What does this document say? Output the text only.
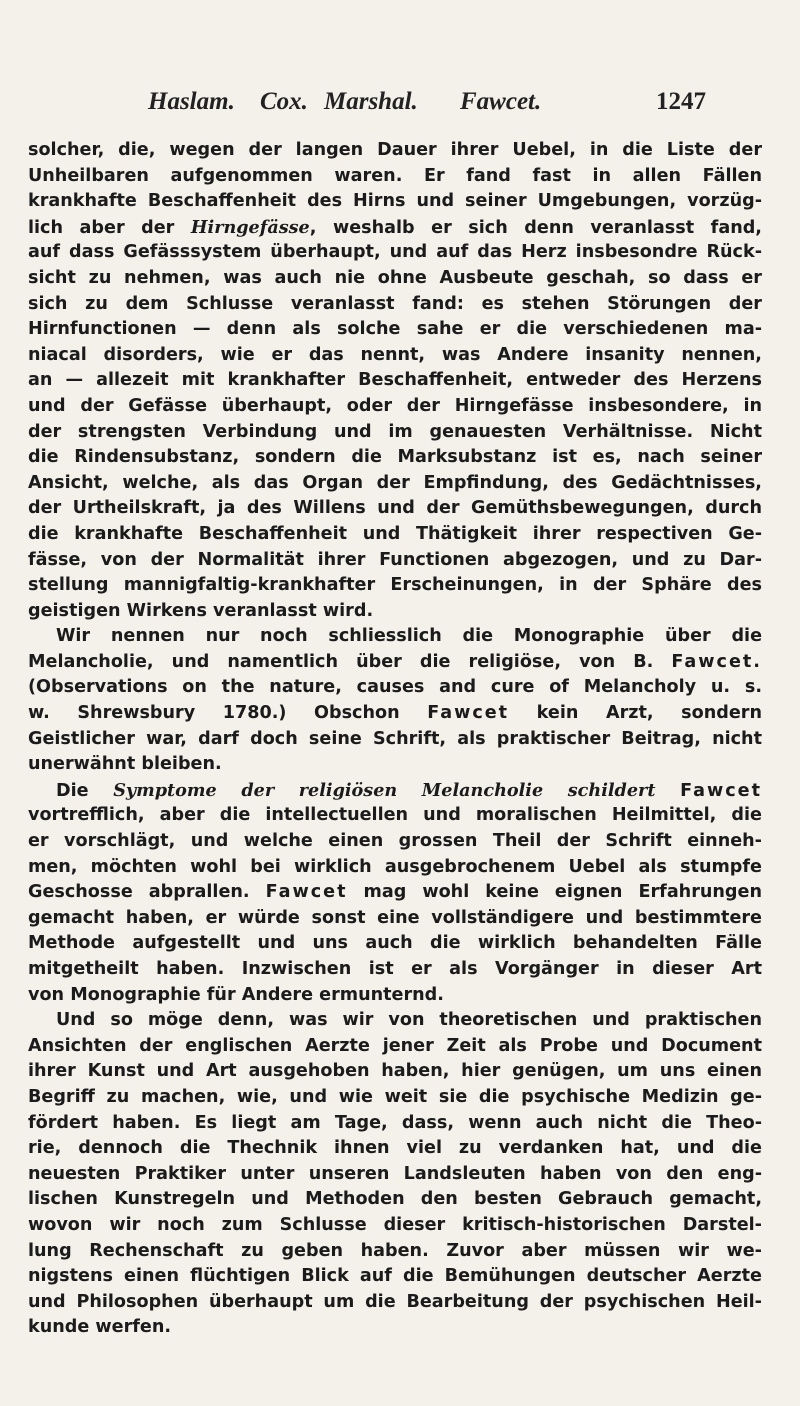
Haslam. Cox. Marshal. Fawcet.	1247
solcher, die, wegen der langen Dauer ihrer Uebel, in die Liste der
Unheilbaren aufgenommen waren. Er fand fast in allen Fällen
krankhafte Beschaffenheit des Hirns und seiner Umgebungen, vorzüg-
lich aber der Hirngefässe, weshalb er sich denn veranlasst fand,
auf dass Gefässsystem überhaupt, und auf das Herz insbesondre Rück-
sicht zu nehmen, was auch nie ohne Ausbeute geschah, so dass er
sich zu dem Schlusse veranlasst fand: es stehen Störungen der
Hirnfunctionen — denn als solche sahe er die verschiedenen ma-
niacal disorders, wie er das nennt, was Andere insanity nennen,
an — allezeit mit krankhafter Beschaffenheit, entweder des Herzens
und der Gefässe überhaupt, oder der Hirngefässe insbesondere, in
der strengsten Verbindung und im genauesten Verhältnisse. Nicht
die Rindensubstanz, sondern die Marksubstanz ist es, nach seiner
Ansicht, welche, als das Organ der Empfindung, des Gedächtnisses,
der Urtheilskraft, ja des Willens und der Gemüthsbewegungen, durch
die krankhafte Beschaffenheit und Thätigkeit ihrer respectiven Ge-
fässe, von der Normalität ihrer Functionen abgezogen, und zu Dar-
stellung mannigfaltig-krankhafter Erscheinungen, in der Sphäre des
geistigen Wirkens veranlasst wird.
Wir nennen nur noch schliesslich die Monographie über die
Melancholie, und namentlich über die religiöse, von B. Fawcet.
(Observations on the nature, causes and cure of Melancholy u. s.
w. Shrewsbury 1780.) Obschon Fawcet kein Arzt, sondern
Geistlicher war, darf doch seine Schrift, als praktischer Beitrag, nicht
unerwähnt bleiben.
Die Symptome der religiösen Melancholie schildert Fawcet
vortrefflich, aber die intellectuellen und moralischen Heilmittel, die
er vorschlägt, und welche einen grossen Theil der Schrift einneh-
men, möchten wohl bei wirklich ausgebrochenem Uebel als stumpfe
Geschosse abprallen. Fawcet mag wohl keine eignen Erfahrungen
gemacht haben, er würde sonst eine vollständigere und bestimmtere
Methode aufgestellt und uns auch die wirklich behandelten Fälle
mitgetheilt haben. Inzwischen ist er als Vorgänger in dieser Art
von Monographie für Andere ermunternd.
Und so möge denn, was wir von theoretischen und praktischen
Ansichten der englischen Aerzte jener Zeit als Probe und Document
ihrer Kunst und Art ausgehoben haben, hier genügen, um uns einen
Begriff zu machen, wie, und wie weit sie die psychische Medizin ge-
fördert haben. Es liegt am Tage, dass, wenn auch nicht die Theo-
rie, dennoch die Thechnik ihnen viel zu verdanken hat, und die
neuesten Praktiker unter unseren Landsleuten haben von den eng-
lischen Kunstregeln und Methoden den besten Gebrauch gemacht,
wovon wir noch zum Schlusse dieser kritisch-historischen Darstel-
lung Rechenschaft zu geben haben. Zuvor aber müssen wir we-
nigstens einen flüchtigen Blick auf die Bemühungen deutscher Aerzte
und Philosophen überhaupt um die Bearbeitung der psychischen Heil-
kunde werfen.
